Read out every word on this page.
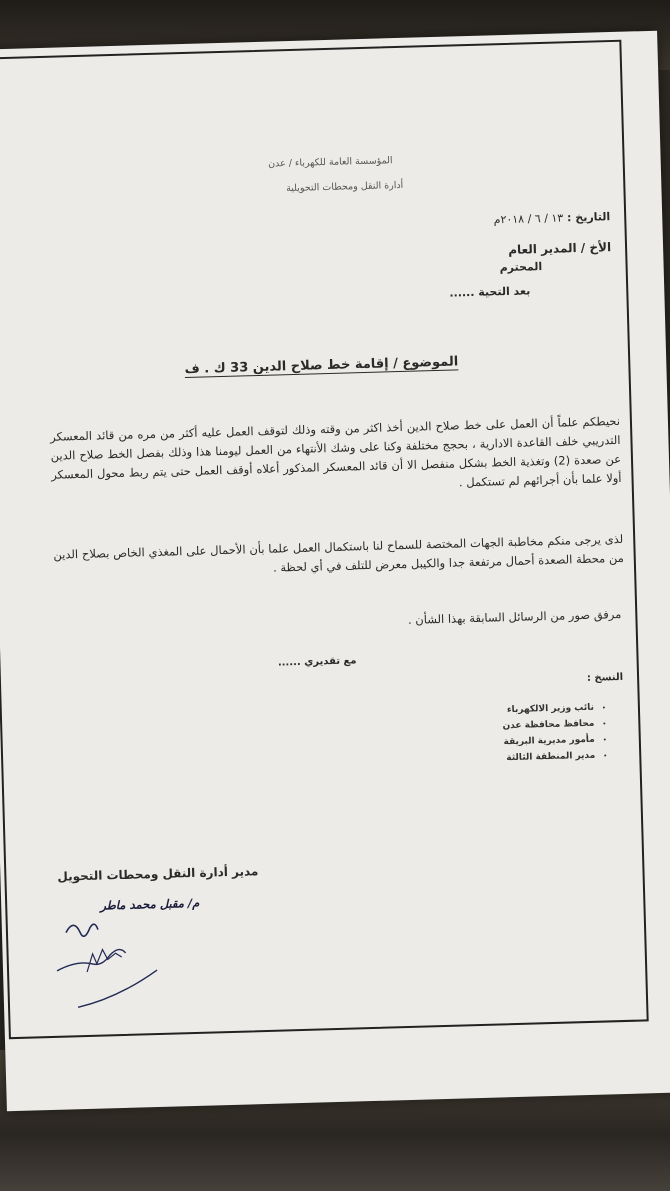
المؤسسة العامة للكهرباء / عدن
أدارة النقل ومحطات التحويلية
التاريخ : ١٣ / ٦ / ٢٠١٨م
الأخ / المدير العام
المحترم
بعد التحية ......
الموضوع / إقامة خط صلاح الدين 33 ك . ف
نحيطكم علماً أن العمل على خط صلاح الدين أخذ اكثر من وقته وذلك لتوقف العمل عليه أكثر من مره من قائد المعسكر التدريبي خلف القاعدة الادارية ، بحجج مختلفة وكنا على وشك الأنتهاء من العمل ليومنا هذا وذلك بفصل الخط صلاح الدين عن صعدة (2) وتغذية الخط بشكل منفصل الا أن قائد المعسكر المذكور أعلاه أوقف العمل حتى يتم ربط محول المعسكر أولا علما بأن أجرائهم لم تستكمل .
لذى يرجى منكم مخاطبة الجهات المختصة للسماح لنا باستكمال العمل علما بأن الأحمال على المغذي الخاص بصلاح الدين من محطة الصعدة أحمال مرتفعة جدا والكيبل معرض للتلف في أي لحظة .
مرفق صور من الرسائل السابقة بهذا الشأن .
مع تقديري ......
النسخ :
• نائب وزير الالكهرباء
• محافظ محافظة عدن
• مأمور مديرية البريقة
• مدير المنطقة الثالثة
مدير أدارة النقل ومحطات التحويل
م/ مقبل محمد ماطر
